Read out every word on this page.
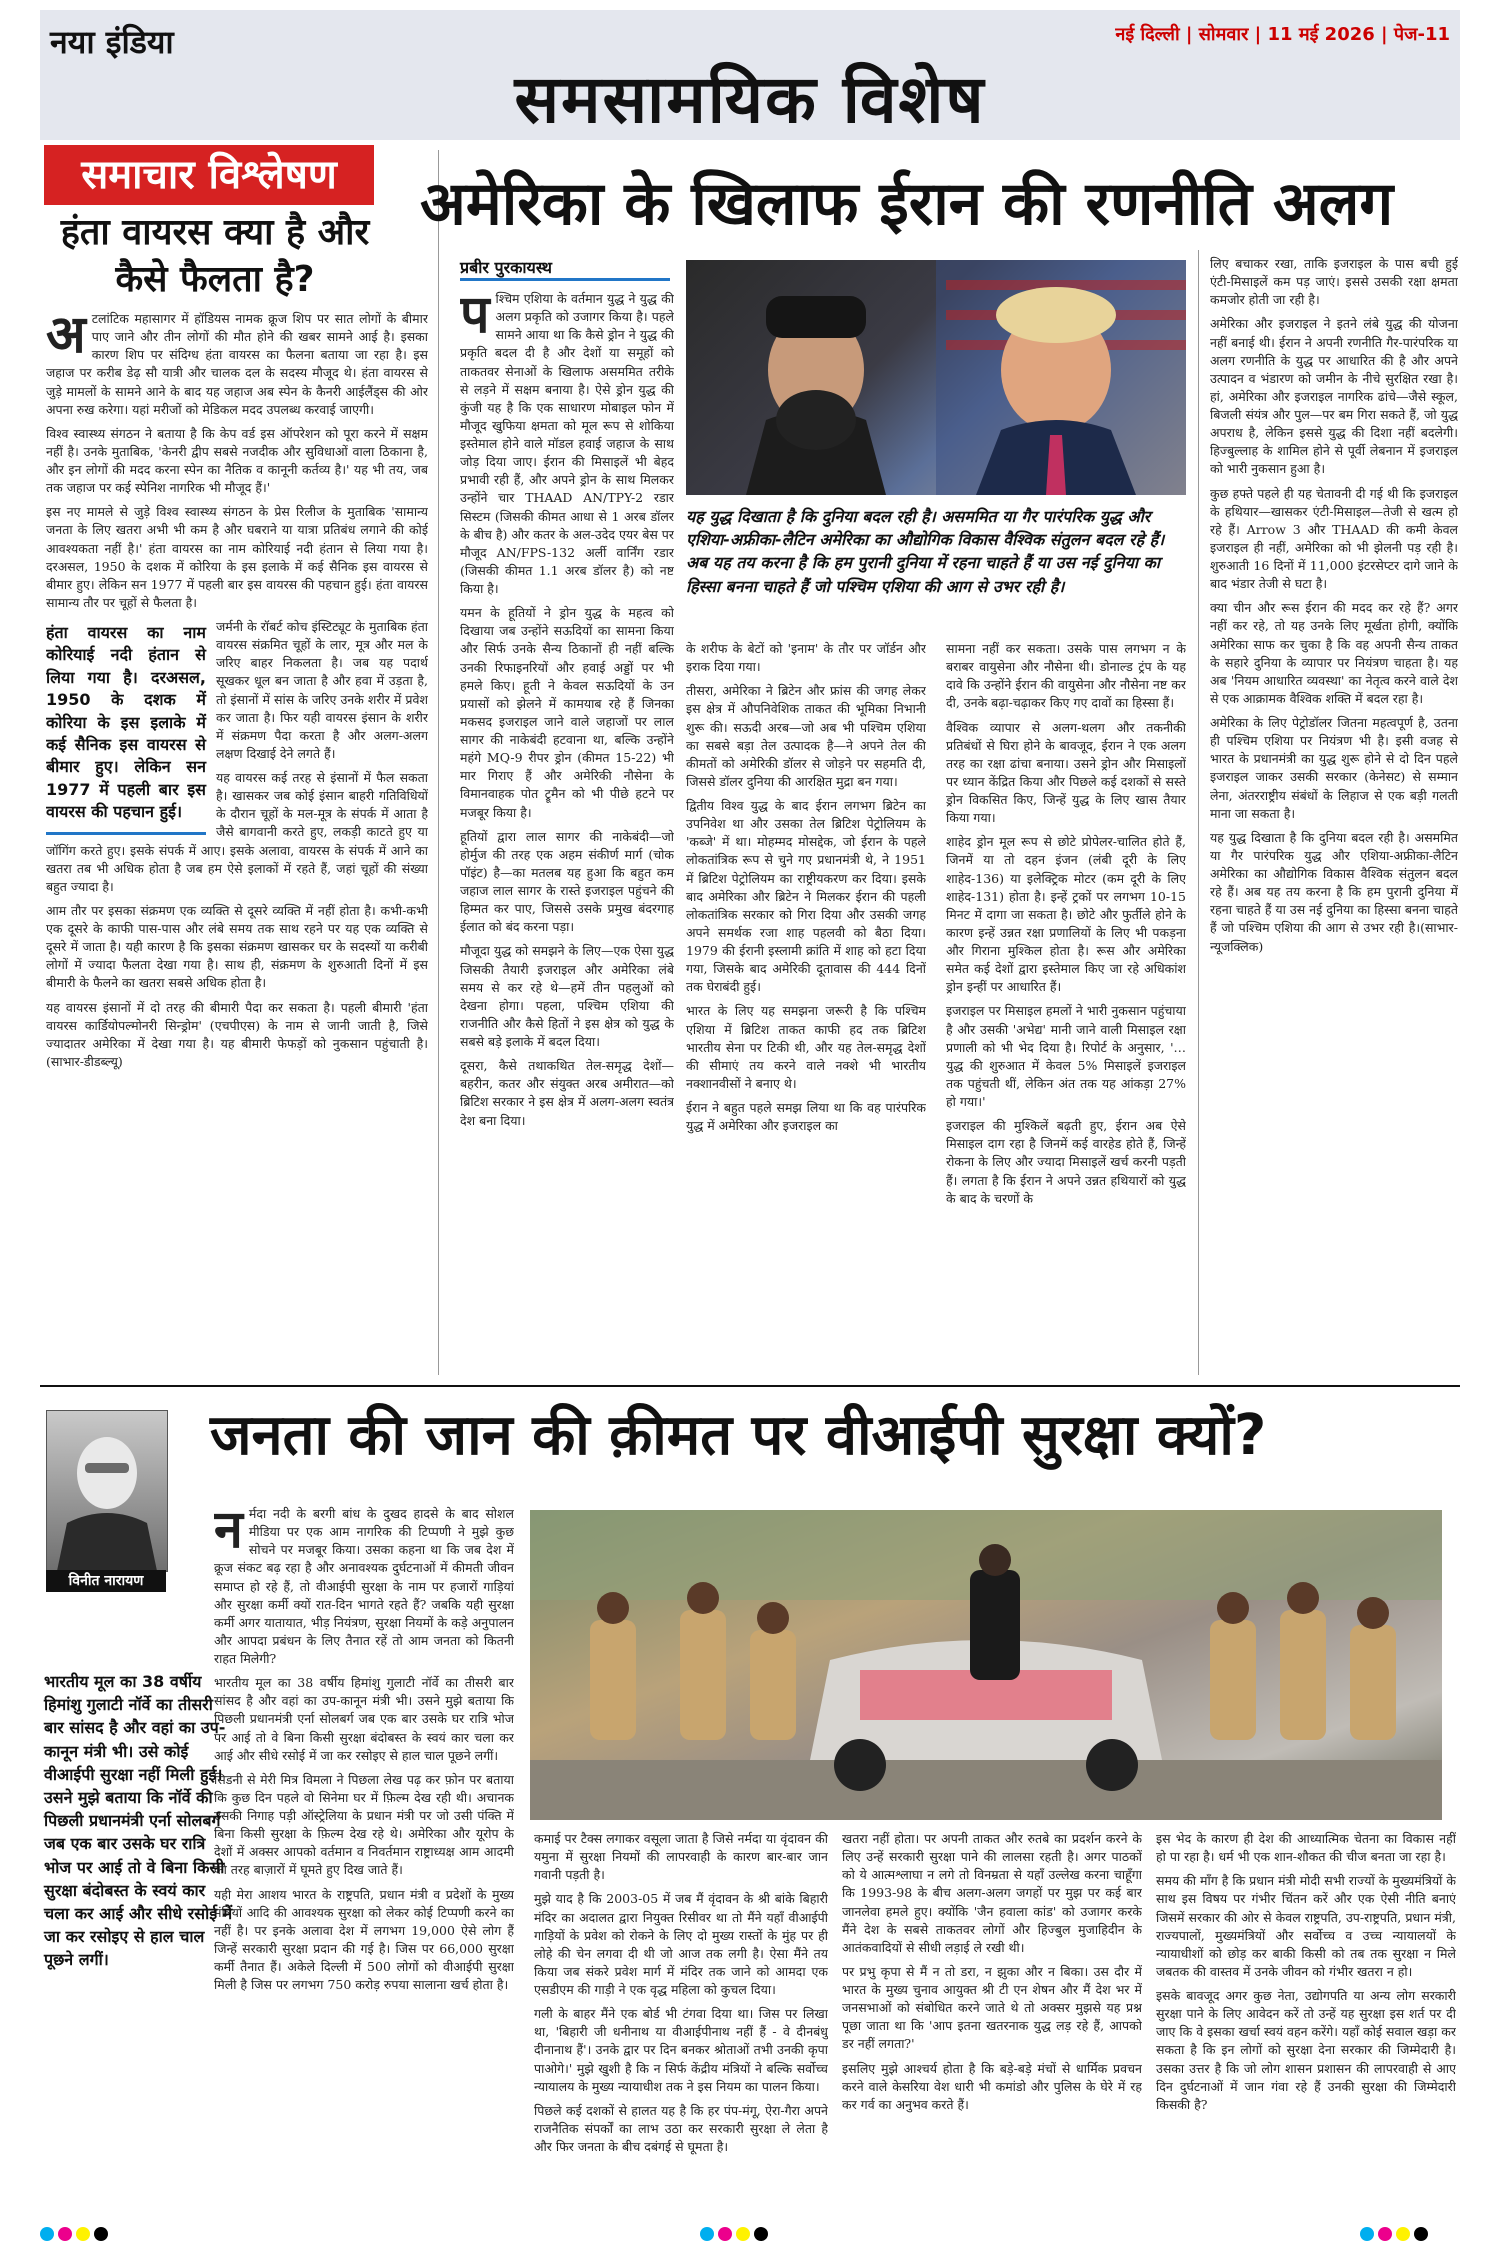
नया इंडिया	नई दिल्ली | सोमवार | 11 मई 2026 | पेज-11
समसामयिक विशेष
समाचार विश्लेषण
हंता वायरस क्या है और कैसे फैलता है?

अटलांटिक महासागर में हॉडियस नामक क्रूज शिप पर सात लोगों के बीमार पाए जाने और तीन लोगों की मौत होने की खबर सामने आई है। इसका कारण शिप पर संदिग्ध हंता वायरस का फैलना बताया जा रहा है। इस जहाज पर करीब डेढ़ सौ यात्री और चालक दल के सदस्य मौजूद थे। हंता वायरस से जुड़े मामलों के सामने आने के बाद यह जहाज अब स्पेन के कैनरी आईलैंड्स की ओर अपना रुख करेगा। यहां मरीजों को मेडिकल मदद उपलब्ध करवाई जाएगी।

विश्व स्वास्थ्य संगठन ने बताया है कि केप वर्ड इस ऑपरेशन को पूरा करने में सक्षम नहीं है। उनके मुताबिक, 'केनरी द्वीप सबसे नजदीक और सुविधाओं वाला ठिकाना है, और इन लोगों की मदद करना स्पेन का नैतिक व कानूनी कर्तव्य है।' यह भी तय, जब तक जहाज पर कई स्पेनिश नागरिक भी मौजूद हैं।'

इस नए मामले से जुड़े विश्व स्वास्थ्य संगठन के प्रेस रिलीज के मुताबिक 'सामान्य जनता के लिए खतरा अभी भी कम है और घबराने या यात्रा प्रतिबंध लगाने की कोई आवश्यकता नहीं है।' हंता वायरस का नाम कोरियाई नदी हंतान से लिया गया है। दरअसल, 1950 के दशक में कोरिया के इस इलाके में कई सैनिक इस वायरस से बीमार हुए। लेकिन सन 1977 में पहली बार इस वायरस की पहचान हुई। हंता वायरस सामान्य तौर पर चूहों से फैलता है।

हंता वायरस का नाम कोरियाई नदी हंतान से लिया गया है। दरअसल, 1950 के दशक में कोरिया के इस इलाके में कई सैनिक इस वायरस से बीमार हुए। लेकिन सन 1977 में पहली बार इस वायरस की पहचान हुई।

जर्मनी के रॉबर्ट कोच इंस्टिट्यूट के मुताबिक हंता वायरस संक्रमित चूहों के लार, मूत्र और मल के जरिए बाहर निकलता है। जब यह पदार्थ सूखकर धूल बन जाता है और हवा में उड़ता है, तो इंसानों में सांस के जरिए उनके शरीर में प्रवेश कर जाता है। फिर यही वायरस इंसान के शरीर में संक्रमण पैदा करता है और अलग-अलग लक्षण दिखाई देने लगते हैं।

यह वायरस कई तरह से इंसानों में फैल सकता है। खासकर जब कोई इंसान बाहरी गतिविधियों के दौरान चूहों के मल-मूत्र के संपर्क में आता है जैसे बागवानी करते हुए, लकड़ी काटते हुए या जॉगिंग करते हुए। इसके संपर्क में आए। इसके अलावा, वायरस के संपर्क में आने का खतरा तब भी अधिक होता है जब हम ऐसे इलाकों में रहते हैं, जहां चूहों की संख्या बहुत ज्यादा है।

आम तौर पर इसका संक्रमण एक व्यक्ति से दूसरे व्यक्ति में नहीं होता है। कभी-कभी एक दूसरे के काफी पास-पास और लंबे समय तक साथ रहने पर यह एक व्यक्ति से दूसरे में जाता है। यही कारण है कि इसका संक्रमण खासकर घर के सदस्यों या करीबी लोगों में ज्यादा फैलता देखा गया है। साथ ही, संक्रमण के शुरुआती दिनों में इस बीमारी के फैलने का खतरा सबसे अधिक होता है।

यह वायरस इंसानों में दो तरह की बीमारी पैदा कर सकता है। पहली बीमारी 'हंता वायरस कार्डियोपल्मोनरी सिन्ड्रोम' (एचपीएस) के नाम से जानी जाती है, जिसे ज्यादातर अमेरिका में देखा गया है। यह बीमारी फेफड़ों को नुकसान पहुंचाती है।(साभार-डीडब्ल्यू)

अमेरिका के खिलाफ ईरान की रणनीति अलग
प्रबीर पुरकायस्थ

पश्चिम एशिया के वर्तमान युद्ध ने युद्ध की अलग प्रकृति को उजागर किया है। पहले सामने आया था कि कैसे ड्रोन ने युद्ध की प्रकृति बदल दी है और देशों या समूहों को ताकतवर सेनाओं के खिलाफ असममित तरीके से लड़ने में सक्षम बनाया है। ऐसे ड्रोन युद्ध की कुंजी यह है कि एक साधारण मोबाइल फोन में मौजूद खुफिया क्षमता को मूल रूप से शोकिया इस्तेमाल होने वाले मॉडल हवाई जहाज के साथ जोड़ दिया जाए। ईरान की मिसाइलें भी बेहद प्रभावी रही हैं, और अपने ड्रोन के साथ मिलकर उन्होंने चार THAAD AN/TPY-2 रडार सिस्टम (जिसकी कीमत आधा से 1 अरब डॉलर के बीच है) और कतर के अल-उदेद एयर बेस पर मौजूद AN/FPS-132 अर्ली वार्निंग रडार (जिसकी कीमत 1.1 अरब डॉलर है) को नष्ट किया है।

यमन के हूतियों ने ड्रोन युद्ध के महत्व को दिखाया जब उन्होंने सऊदियों का सामना किया और सिर्फ उनके सैन्य ठिकानों ही नहीं बल्कि उनकी रिफाइनरियों और हवाई अड्डों पर भी हमले किए। हूती ने केवल सऊदियों के उन प्रयासों को झेलने में कामयाब रहे हैं जिनका मकसद इजराइल जाने वाले जहाजों पर लाल सागर की नाकेबंदी हटवाना था, बल्कि उन्होंने महंगे MQ-9 रीपर ड्रोन (कीमत 15-22) भी मार गिराए हैं और अमेरिकी नौसेना के विमानवाहक पोत ट्रूमैन को भी पीछे हटने पर मजबूर किया है।

हूतियों द्वारा लाल सागर की नाकेबंदी—जो होर्मुज की तरह एक अहम संकीर्ण मार्ग (चोक पॉइंट) है—का मतलब यह हुआ कि बहुत कम जहाज लाल सागर के रास्ते इजराइल पहुंचने की हिम्मत कर पाए, जिससे उसके प्रमुख बंदरगाह ईलात को बंद करना पड़ा।

मौजूदा युद्ध को समझने के लिए—एक ऐसा युद्ध जिसकी तैयारी इजराइल और अमेरिका लंबे समय से कर रहे थे—हमें तीन पहलुओं को देखना होगा। पहला, पश्चिम एशिया की राजनीति और कैसे हितों ने इस क्षेत्र को युद्ध के सबसे बड़े इलाके में बदल दिया।

दूसरा, कैसे तथाकथित तेल-समृद्ध देशों—बहरीन, कतर और संयुक्त अरब अमीरात—को ब्रिटिश सरकार ने इस क्षेत्र में अलग-अलग स्वतंत्र देश बना दिया।

यह युद्ध दिखाता है कि दुनिया बदल रही है। असममित या गैर पारंपरिक युद्ध और एशिया-अफ्रीका-लैटिन अमेरिका का औद्योगिक विकास वैश्विक संतुलन बदल रहे हैं। अब यह तय करना है कि हम पुरानी दुनिया में रहना चाहते हैं या उस नई दुनिया का हिस्सा बनना चाहते हैं जो पश्चिम एशिया की आग से उभर रही है।

के शरीफ के बेटों को 'इनाम' के तौर पर जॉर्डन और इराक दिया गया।

तीसरा, अमेरिका ने ब्रिटेन और फ्रांस की जगह लेकर इस क्षेत्र में औपनिवेशिक ताकत की भूमिका निभानी शुरू की। सऊदी अरब—जो अब भी पश्चिम एशिया का सबसे बड़ा तेल उत्पादक है—ने अपने तेल की कीमतों को अमेरिकी डॉलर से जोड़ने पर सहमति दी, जिससे डॉलर दुनिया की आरक्षित मुद्रा बन गया।

द्वितीय विश्व युद्ध के बाद ईरान लगभग ब्रिटेन का उपनिवेश था और उसका तेल ब्रिटिश पेट्रोलियम के 'कब्जे' में था। मोहम्मद मोसद्देक, जो ईरान के पहले लोकतांत्रिक रूप से चुने गए प्रधानमंत्री थे, ने 1951 में ब्रिटिश पेट्रोलियम का राष्ट्रीयकरण कर दिया। इसके बाद अमेरिका और ब्रिटेन ने मिलकर ईरान की पहली लोकतांत्रिक सरकार को गिरा दिया और उसकी जगह अपने समर्थक रजा शाह पहलवी को बैठा दिया। 1979 की ईरानी इस्लामी क्रांति में शाह को हटा दिया गया, जिसके बाद अमेरिकी दूतावास की 444 दिनों तक घेराबंदी हुई।

भारत के लिए यह समझना जरूरी है कि पश्चिम एशिया में ब्रिटिश ताकत काफी हद तक ब्रिटिश भारतीय सेना पर टिकी थी, और यह तेल-समृद्ध देशों की सीमाएं तय करने वाले नक्शे भी भारतीय नक्शानवीसों ने बनाए थे।

ईरान ने बहुत पहले समझ लिया था कि वह पारंपरिक युद्ध में अमेरिका और इजराइल का

सामना नहीं कर सकता। उसके पास लगभग न के बराबर वायुसेना और नौसेना थी। डोनाल्ड ट्रंप के यह दावे कि उन्होंने ईरान की वायुसेना और नौसेना नष्ट कर दी, उनके बढ़ा-चढ़ाकर किए गए दावों का हिस्सा हैं।

वैश्विक व्यापार से अलग-थलग और तकनीकी प्रतिबंधों से घिरा होने के बावजूद, ईरान ने एक अलग तरह का रक्षा ढांचा बनाया। उसने ड्रोन और मिसाइलों पर ध्यान केंद्रित किया और पिछले कई दशकों से सस्ते ड्रोन विकसित किए, जिन्हें युद्ध के लिए खास तैयार किया गया।

शाहेद ड्रोन मूल रूप से छोटे प्रोपेलर-चालित होते हैं, जिनमें या तो दहन इंजन (लंबी दूरी के लिए शाहेद-136) या इलेक्ट्रिक मोटर (कम दूरी के लिए शाहेद-131) होता है। इन्हें ट्रकों पर लगभग 10-15 मिनट में दागा जा सकता है। छोटे और फुर्तीले होने के कारण इन्हें उन्नत रक्षा प्रणालियों के लिए भी पकड़ना और गिराना मुश्किल होता है। रूस और अमेरिका समेत कई देशों द्वारा इस्तेमाल किए जा रहे अधिकांश ड्रोन इन्हीं पर आधारित हैं।

इजराइल पर मिसाइल हमलों ने भारी नुकसान पहुंचाया है और उसकी 'अभेद्य' मानी जाने वाली मिसाइल रक्षा प्रणाली को भी भेद दिया है। रिपोर्ट के अनुसार, '…युद्ध की शुरुआत में केवल 5% मिसाइलें इजराइल तक पहुंचती थीं, लेकिन अंत तक यह आंकड़ा 27% हो गया।'

इजराइल की मुश्किलें बढ़ती हुए, ईरान अब ऐसे मिसाइल दाग रहा है जिनमें कई वारहेड होते हैं, जिन्हें रोकना के लिए और ज्यादा मिसाइलें खर्च करनी पड़ती हैं। लगता है कि ईरान ने अपने उन्नत हथियारों को युद्ध के बाद के चरणों के

लिए बचाकर रखा, ताकि इजराइल के पास बची हुई एंटी-मिसाइलें कम पड़ जाएं। इससे उसकी रक्षा क्षमता कमजोर होती जा रही है।

अमेरिका और इजराइल ने इतने लंबे युद्ध की योजना नहीं बनाई थी। ईरान ने अपनी रणनीति गैर-पारंपरिक या अलग रणनीति के युद्ध पर आधारित की है और अपने उत्पादन व भंडारण को जमीन के नीचे सुरक्षित रखा है। हां, अमेरिका और इजराइल नागरिक ढांचे—जैसे स्कूल, बिजली संयंत्र और पुल—पर बम गिरा सकते हैं, जो युद्ध अपराध है, लेकिन इससे युद्ध की दिशा नहीं बदलेगी। हिज्बुल्लाह के शामिल होने से पूर्वी लेबनान में इजराइल को भारी नुकसान हुआ है।

कुछ हफ्ते पहले ही यह चेतावनी दी गई थी कि इजराइल के हथियार—खासकर एंटी-मिसाइल—तेजी से खत्म हो रहे हैं। Arrow 3 और THAAD की कमी केवल इजराइल ही नहीं, अमेरिका को भी झेलनी पड़ रही है। शुरुआती 16 दिनों में 11,000 इंटरसेप्टर दागे जाने के बाद भंडार तेजी से घटा है।

क्या चीन और रूस ईरान की मदद कर रहे हैं? अगर नहीं कर रहे, तो यह उनके लिए मूर्खता होगी, क्योंकि अमेरिका साफ कर चुका है कि वह अपनी सैन्य ताकत के सहारे दुनिया के व्यापार पर नियंत्रण चाहता है। यह अब 'नियम आधारित व्यवस्था' का नेतृत्व करने वाले देश से एक आक्रामक वैश्विक शक्ति में बदल रहा है।

अमेरिका के लिए पेट्रोडॉलर जितना महत्वपूर्ण है, उतना ही पश्चिम एशिया पर नियंत्रण भी है। इसी वजह से भारत के प्रधानमंत्री का युद्ध शुरू होने से दो दिन पहले इजराइल जाकर उसकी सरकार (केनेसट) से सम्मान लेना, अंतरराष्ट्रीय संबंधों के लिहाज से एक बड़ी गलती माना जा सकता है।

यह युद्ध दिखाता है कि दुनिया बदल रही है। असममित या गैर पारंपरिक युद्ध और एशिया-अफ्रीका-लैटिन अमेरिका का औद्योगिक विकास वैश्विक संतुलन बदल रहे हैं। अब यह तय करना है कि हम पुरानी दुनिया में रहना चाहते हैं या उस नई दुनिया का हिस्सा बनना चाहते हैं जो पश्चिम एशिया की आग से उभर रही है।(साभार- न्यूजक्लिक)

विनीत नारायण
जनता की जान की क़ीमत पर वीआईपी सुरक्षा क्यों?

नर्मदा नदी के बरगी बांध के दुखद हादसे के बाद सोशल मीडिया पर एक आम नागरिक की टिप्पणी ने मुझे कुछ सोचने पर मजबूर किया। उसका कहना था कि जब देश में क्रूज संकट बढ़ रहा है और अनावश्यक दुर्घटनाओं में कीमती जीवन समाप्त हो रहे हैं, तो वीआईपी सुरक्षा के नाम पर हजारों गाड़ियां और सुरक्षा कर्मी क्यों रात-दिन भागते रहते हैं? जबकि यही सुरक्षा कर्मी अगर यातायात, भीड़ नियंत्रण, सुरक्षा नियमों के कड़े अनुपालन और आपदा प्रबंधन के लिए तैनात रहें तो आम जनता को कितनी राहत मिलेगी?

भारतीय मूल का 38 वर्षीय हिमांशु गुलाटी नॉर्वे का तीसरी बार सांसद है और वहां का उप-कानून मंत्री भी। उसने मुझे बताया कि पिछली प्रधानमंत्री एर्ना सोलबर्ग जब एक बार उसके घर रात्रि भोज पर आई तो वे बिना किसी सुरक्षा बंदोबस्त के स्वयं कार चला कर आई और सीधे रसोई में जा कर रसोइए से हाल चाल पूछने लगीं।

सिडनी से मेरी मित्र विमला ने पिछला लेख पढ़ कर फ़ोन पर बताया कि कुछ दिन पहले वो सिनेमा घर में फ़िल्म देख रही थी। अचानक उसकी निगाह पड़ी ऑस्ट्रेलिया के प्रधान मंत्री पर जो उसी पंक्ति में बिना किसी सुरक्षा के फ़िल्म देख रहे थे। अमेरिका और यूरोप के देशों में अक्सर आपको वर्तमान व निवर्तमान राष्ट्राध्यक्ष आम आदमी की तरह बाज़ारों में घूमते हुए दिख जाते हैं।

यही मेरा आशय भारत के राष्ट्रपति, प्रधान मंत्री व प्रदेशों के मुख्य मंत्रियों आदि की आवश्यक सुरक्षा को लेकर कोई टिप्पणी करने का नहीं है। पर इनके अलावा देश में लगभग 19,000 ऐसे लोग हैं जिन्हें सरकारी सुरक्षा प्रदान की गई है। जिस पर 66,000 सुरक्षा कर्मी तैनात हैं। अकेले दिल्ली में 500 लोगों को वीआईपी सुरक्षा मिली है जिस पर लगभग 750 करोड़ रुपया सालाना खर्च होता है।

भारतीय मूल का 38 वर्षीय हिमांशु गुलाटी नॉर्वे का तीसरी बार सांसद है और वहां का उप-कानून मंत्री भी। उसे कोई वीआईपी सुरक्षा नहीं मिली हुई। उसने मुझे बताया कि नॉर्वे की पिछली प्रधानमंत्री एर्ना सोलबर्ग जब एक बार उसके घर रात्रि भोज पर आई तो वे बिना किसी सुरक्षा बंदोबस्त के स्वयं कार चला कर आई और सीधे रसोई में जा कर रसोइए से हाल चाल पूछने लगीं।

कमाई पर टैक्स लगाकर वसूला जाता है जिसे नर्मदा या वृंदावन की यमुना में सुरक्षा नियमों की लापरवाही के कारण बार-बार जान गवानी पड़ती है।

मुझे याद है कि 2003-05 में जब मैं वृंदावन के श्री बांके बिहारी मंदिर का अदालत द्वारा नियुक्त रिसीवर था तो मैंने यहाँ वीआईपी गाड़ियों के प्रवेश को रोकने के लिए दो मुख्य रास्तों के मुंह पर ही लोहे की चेन लगवा दी थी जो आज तक लगी है। ऐसा मैंने तय किया जब संकरे प्रवेश मार्ग में मंदिर तक जाने को आमदा एक एसडीएम की गाड़ी ने एक वृद्ध महिला को कुचल दिया।

गली के बाहर मैंने एक बोर्ड भी टंगवा दिया था। जिस पर लिखा था, 'बिहारी जी धनीनाथ या वीआईपीनाथ नहीं हैं - वे दीनबंधु दीनानाथ हैं'। उनके द्वार पर दिन बनकर श्रोताओं तभी उनकी कृपा पाओगे।' मुझे खुशी है कि न सिर्फ केंद्रीय मंत्रियों ने बल्कि सर्वोच्च न्यायालय के मुख्य न्यायाधीश तक ने इस नियम का पालन किया।

पिछले कई दशकों से हालत यह है कि हर पंप-मंगू, ऐरा-गैरा अपने राजनैतिक संपर्कों का लाभ उठा कर सरकारी सुरक्षा ले लेता है और फिर जनता के बीच दबंगई से घूमता है।

खतरा नहीं होता। पर अपनी ताकत और रुतबे का प्रदर्शन करने के लिए उन्हें सरकारी सुरक्षा पाने की लालसा रहती है। अगर पाठकों को ये आत्मश्लाघा न लगे तो विनम्रता से यहाँ उल्लेख करना चाहूँगा कि 1993-98 के बीच अलग-अलग जगहों पर मुझ पर कई बार जानलेवा हमले हुए। क्योंकि 'जैन हवाला कांड' को उजागर करके मैंने देश के सबसे ताकतवर लोगों और हिज्बुल मुजाहिदीन के आतंकवादियों से सीधी लड़ाई ले रखी थी।

पर प्रभु कृपा से मैं न तो डरा, न झुका और न बिका। उस दौर में भारत के मुख्य चुनाव आयुक्त श्री टी एन शेषन और मैं देश भर में जनसभाओं को संबोधित करने जाते थे तो अक्सर मुझसे यह प्रश्न पूछा जाता था कि 'आप इतना खतरनाक युद्ध लड़ रहे हैं, आपको डर नहीं लगता?'

इसलिए मुझे आश्चर्य होता है कि बड़े-बड़े मंचों से धार्मिक प्रवचन करने वाले केसरिया वेश धारी भी कमांडो और पुलिस के घेरे में रह कर गर्व का अनुभव करते हैं।

इस भेद के कारण ही देश की आध्यात्मिक चेतना का विकास नहीं हो पा रहा है। धर्म भी एक शान-शौकत की चीज बनता जा रहा है।

समय की माँग है कि प्रधान मंत्री मोदी सभी राज्यों के मुख्यमंत्रियों के साथ इस विषय पर गंभीर चिंतन करें और एक ऐसी नीति बनाएं जिसमें सरकार की ओर से केवल राष्ट्रपति, उप-राष्ट्रपति, प्रधान मंत्री, राज्यपालों, मुख्यमंत्रियों और सर्वोच्च व उच्च न्यायालयों के न्यायाधीशों को छोड़ कर बाकी किसी को तब तक सुरक्षा न मिले जबतक की वास्तव में उनके जीवन को गंभीर खतरा न हो।

इसके बावजूद अगर कुछ नेता, उद्योगपति या अन्य लोग सरकारी सुरक्षा पाने के लिए आवेदन करें तो उन्हें यह सुरक्षा इस शर्त पर दी जाए कि वे इसका खर्चा स्वयं वहन करेंगे। यहाँ कोई सवाल खड़ा कर सकता है कि इन लोगों को सुरक्षा देना सरकार की जिम्मेदारी है। उसका उत्तर है कि जो लोग शासन प्रशासन की लापरवाही से आए दिन दुर्घटनाओं में जान गंवा रहे हैं उनकी सुरक्षा की जिम्मेदारी किसकी है?
